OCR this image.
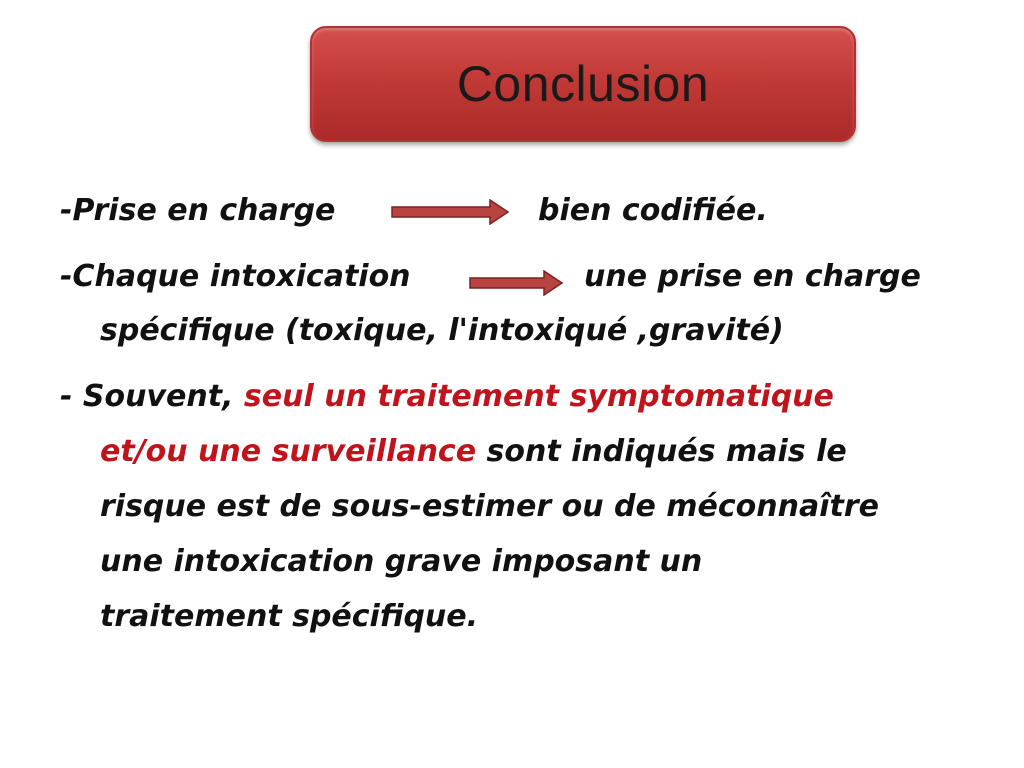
Conclusion
-Prise en charge	bien codifiée.
-Chaque intoxication	une prise en charge
spécifique (toxique, l'intoxiqué ,gravité)
- Souvent, seul un traitement symptomatique
et/ou une surveillance sont indiqués mais le
risque est de sous-estimer ou de méconnaître
une intoxication grave imposant un
traitement spécifique.
